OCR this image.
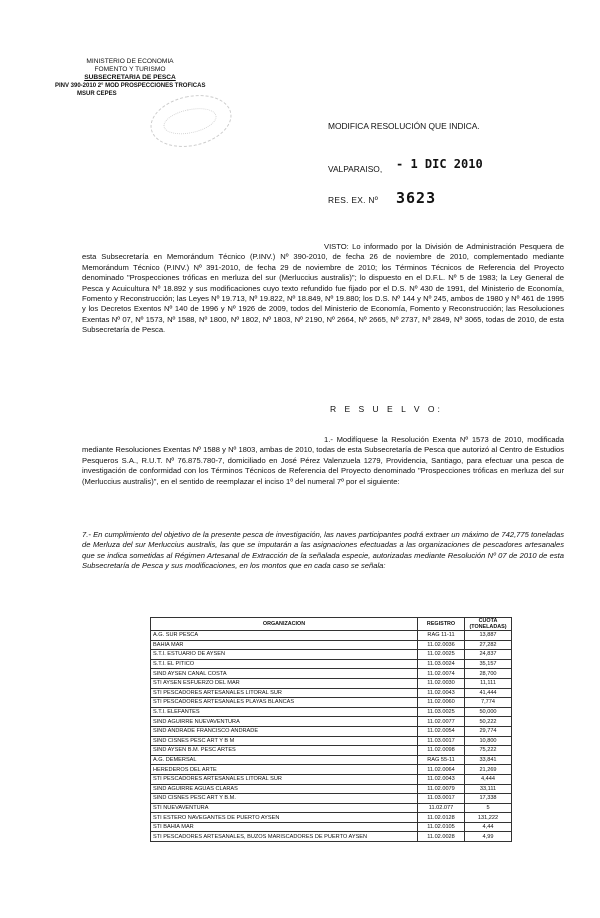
MINISTERIO DE ECONOMIA
FOMENTO Y TURISMO
SUBSECRETARIA DE PESCA
PINV 390-2010 2° MOD PROSPECCIONES TROFICAS
MSUR CEPES
MODIFICA RESOLUCIÓN QUE INDICA.
VALPARAISO, - 1 DIC 2010
RES. EX. Nº 3623
VISTO: Lo informado por la División de Administración Pesquera de esta Subsecretaría en Memorándum Técnico (P.INV.) Nº 390-2010, de fecha 26 de noviembre de 2010, complementado mediante Memorándum Técnico (P.INV.) Nº 391-2010, de fecha 29 de noviembre de 2010; los Términos Técnicos de Referencia del Proyecto denominado "Prospecciones tróficas en merluza del sur (Merluccius australis)"; lo dispuesto en el D.F.L. Nº 5 de 1983; la Ley General de Pesca y Acuicultura Nº 18.892 y sus modificaciones cuyo texto refundido fue fijado por el D.S. Nº 430 de 1991, del Ministerio de Economía, Fomento y Reconstrucción; las Leyes Nº 19.713, Nº 19.822, Nº 18.849, Nº 19.880; los D.S. Nº 144 y Nº 245, ambos de 1980 y Nº 461 de 1995 y los Decretos Exentos Nº 140 de 1996 y Nº 1926 de 2009, todos del Ministerio de Economía, Fomento y Reconstrucción; las Resoluciones Exentas Nº 07, Nº 1573, Nº 1588, Nº 1800, Nº 1802, Nº 1803, Nº 2190, Nº 2664, Nº 2665, Nº 2737, Nº 2849, Nº 3065, todas de 2010, de esta Subsecretaría de Pesca.
R E S U E L V O:
1.- Modifíquese la Resolución Exenta Nº 1573 de 2010, modificada mediante Resoluciones Exentas Nº 1588 y Nº 1803, ambas de 2010, todas de esta Subsecretaría de Pesca que autorizó al Centro de Estudios Pesqueros S.A., R.U.T. Nº 76.875.780-7, domiciliado en José Pérez Valenzuela 1279, Providencia, Santiago, para efectuar una pesca de investigación de conformidad con los Términos Técnicos de Referencia del Proyecto denominado "Prospecciones tróficas en merluza del sur (Merluccius australis)", en el sentido de reemplazar el inciso 1º del numeral 7º por el siguiente:
7.- En cumplimiento del objetivo de la presente pesca de investigación, las naves participantes podrá extraer un máximo de 742,775 toneladas de Merluza del sur Merluccius australis, las que se imputarán a las asignaciones efectuadas a las organizaciones de pescadores artesanales que se indica sometidas al Régimen Artesanal de Extracción de la señalada especie, autorizadas mediante Resolución Nº 07 de 2010 de esta Subsecretaría de Pesca y sus modificaciones, en los montos que en cada caso se señala:
ORGANIZACION	REGISTRO	CUOTA (TONELADAS)
A.G. SUR PESCA	RAG 11-11	13,887
BAHIA MAR	11.02.0036	27,282
S.T.I. ESTUARIO DE AYSEN	11.02.0025	24,837
S.T.I. EL PITICO	11.03.0024	35,157
SIND AYSEN CANAL COSTA	11.02.0074	28,700
STI AYSEN ESFUERZO DEL MAR	11.02.0030	11,111
STI PESCADORES ARTESANALES LITORAL SUR	11.02.0043	41,444
STI PESCADORES ARTESANALES PLAYAS BLANCAS	11.02.0060	7,774
S.T.I. ELEFANTES	11.03.0025	50,000
SIND AGUIRRE NUEVAVENTURA	11.02.0077	50,222
SIND ANDRADE FRANCISCO ANDRADE	11.02.0054	29,774
SIND CISNES PESC ART Y B M	11.03.0017	10,800
SIND AYSEN B.M. PESC ARTES	11.02.0098	75,222
A.G. DEMERSAL	RAG 55-11	33,841
HEREDEROS DEL ARTE	11.02.0064	21,269
STI PESCADORES ARTESANALES LITORAL SUR	11.02.0043	4,444
SIND AGUIRRE AGUAS CLARAS	11.02.0079	33,111
SIND CISNES PESC ART Y B.M.	11.03.0017	17,338
STI NUEVAVENTURA	11.02.077	5
STI ESTERO NAVEGANTES DE PUERTO AYSEN	11.02.0128	131,222
STI BAHIA MAR	11.02.0105	4,44
STI PESCADORES ARTESANALES, BUZOS MARISCADORES DE PUERTO AYSEN	11.02.0028	4,99
